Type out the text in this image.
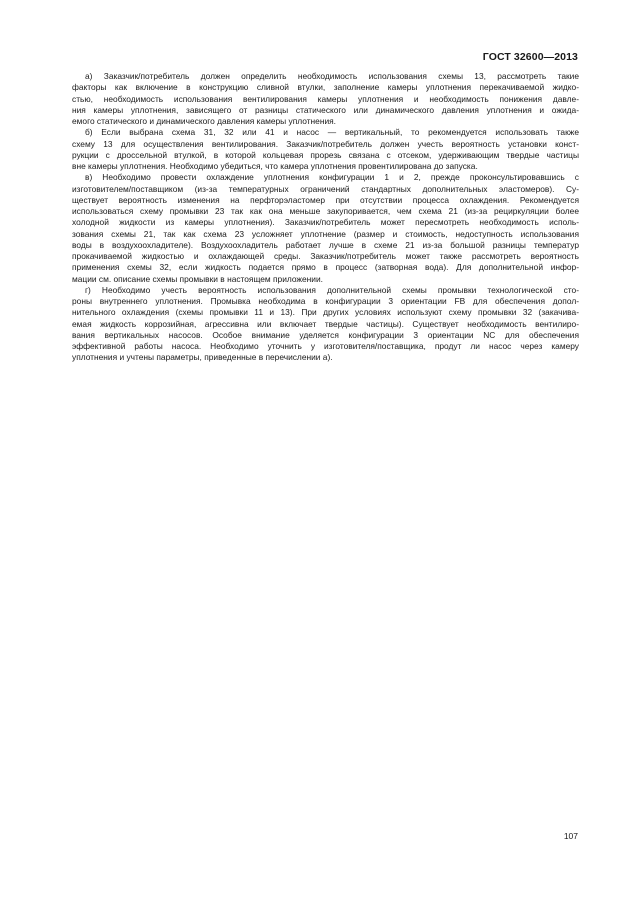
ГОСТ 32600—2013
а) Заказчик/потребитель должен определить необходимость использования схемы 13, рассмотреть такие
факторы как включение в конструкцию сливной втулки, заполнение камеры уплотнения перекачиваемой жидко-
стью, необходимость использования вентилирования камеры уплотнения и необходимость понижения давле-
ния камеры уплотнения, зависящего от разницы статического или динамического давления уплотнения и ожида-
емого статического и динамического давления камеры уплотнения.
б) Если выбрана схема 31, 32 или 41 и насос — вертикальный, то рекомендуется использовать также
схему 13 для осуществления вентилирования. Заказчик/потребитель должен учесть вероятность установки конст-
рукции с дроссельной втулкой, в которой кольцевая прорезь связана с отсеком, удерживающим твердые частицы
вне камеры уплотнения. Необходимо убедиться, что камера уплотнения провентилирована до запуска.
в) Необходимо провести охлаждение уплотнения конфигурации 1 и 2, прежде проконсультировавшись с
изготовителем/поставщиком (из-за температурных ограничений стандартных дополнительных эластомеров). Су-
ществует вероятность изменения на перфторэластомер при отсутствии процесса охлаждения. Рекомендуется
использоваться схему промывки 23 так как она меньше закупоривается, чем схема 21 (из-за рециркуляции более
холодной жидкости из камеры уплотнения). Заказчик/потребитель может пересмотреть необходимость исполь-
зования схемы 21, так как схема 23 усложняет уплотнение (размер и стоимость, недоступность использования
воды в воздухоохладителе). Воздухоохладитель работает лучше в схеме 21 из-за большой разницы температур
прокачиваемой жидкостью и охлаждающей среды. Заказчик/потребитель может также рассмотреть вероятность
применения схемы 32, если жидкость подается прямо в процесс (затворная вода). Для дополнительной инфор-
мации см. описание схемы промывки в настоящем приложении.
г) Необходимо учесть вероятность использования дополнительной схемы промывки технологической сто-
роны внутреннего уплотнения. Промывка необходима в конфигурации 3 ориентации FB для обеспечения допол-
нительного охлаждения (схемы промывки 11 и 13). При других условиях используют схему промывки 32 (закачива-
емая жидкость коррозийная, агрессивна или включает твердые частицы). Существует необходимость вентилиро-
вания вертикальных насосов. Особое внимание уделяется конфигурации 3 ориентации NC для обеспечения
эффективной работы насоса. Необходимо уточнить у изготовителя/поставщика, продут ли насос через камеру
уплотнения и учтены параметры, приведенные в перечислении а).
107
